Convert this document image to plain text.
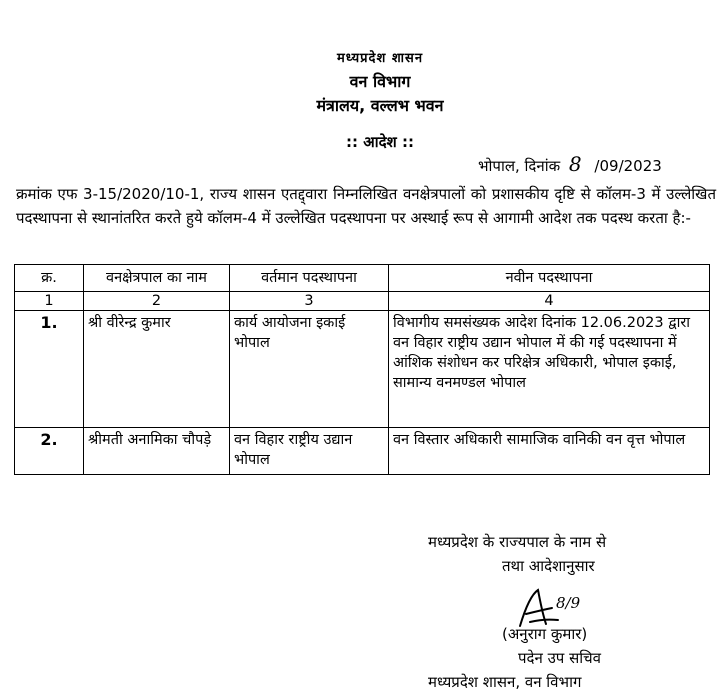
मध्यप्रदेश शासन
वन विभाग
मंत्रालय, वल्लभ भवन
:: आदेश ::
भोपाल, दिनांक 8 /09/2023
क्रमांक एफ 3-15/2020/10-1, राज्य शासन एतद्द्वारा निम्नलिखित वनक्षेत्रपालों को प्रशासकीय दृष्टि से कॉलम-3 में उल्लेखित पदस्थापना से स्थानांतरित करते हुये कॉलम-4 में उल्लेखित पदस्थापना पर अस्थाई रूप से आगामी आदेश तक पदस्थ करता है:-
क्र.	वनक्षेत्रपाल का नाम	वर्तमान पदस्थापना	नवीन पदस्थापना
1	2	3	4
1.	श्री वीरेन्द्र कुमार	कार्य आयोजना इकाई भोपाल	विभागीय समसंख्यक आदेश दिनांक 12.06.2023 द्वारा वन विहार राष्ट्रीय उद्यान भोपाल में की गई पदस्थापना में आंशिक संशोधन कर परिक्षेत्र अधिकारी, भोपाल इकाई, सामान्य वनमण्डल भोपाल
2.	श्रीमती अनामिका चौपड़े	वन विहार राष्ट्रीय उद्यान भोपाल	वन विस्तार अधिकारी सामाजिक वानिकी वन वृत्त भोपाल
मध्यप्रदेश के राज्यपाल के नाम से
तथा आदेशानुसार
8/9
(अनुराग कुमार)
पदेन उप सचिव
मध्यप्रदेश शासन, वन विभाग
